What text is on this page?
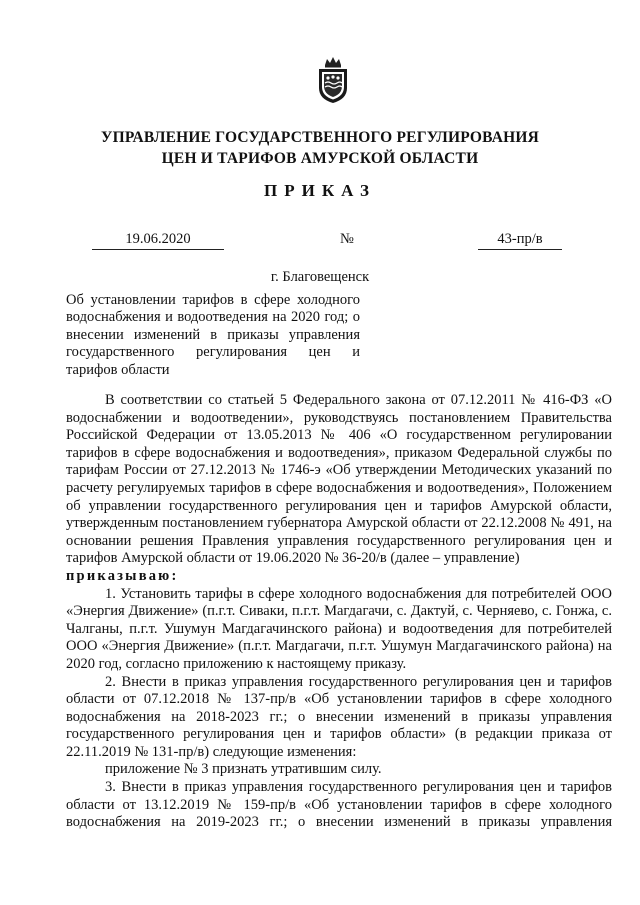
УПРАВЛЕНИЕ ГОСУДАРСТВЕННОГО РЕГУЛИРОВАНИЯ
ЦЕН И ТАРИФОВ АМУРСКОЙ ОБЛАСТИ
ПРИКАЗ
19.06.2020	№	43-пр/в
г. Благовещенск
Об установлении тарифов в сфере холодного водоснабжения и водоотведения на 2020 год; о внесении изменений в приказы управления государственного регулирования цен и тарифов области

В соответствии со статьей 5 Федерального закона от 07.12.2011 № 416-ФЗ «О водоснабжении и водоотведении», руководствуясь постановлением Правительства Российской Федерации от 13.05.2013 № 406 «О государственном регулировании тарифов в сфере водоснабжения и водоотведения», приказом Федеральной службы по тарифам России от 27.12.2013 № 1746-э «Об утверждении Методических указаний по расчету регулируемых тарифов в сфере водоснабжения и водоотведения», Положением об управлении государственного регулирования цен и тарифов Амурской области, утвержденным постановлением губернатора Амурской области от 22.12.2008 № 491, на основании решения Правления управления государственного регулирования цен и тарифов Амурской области от 19.06.2020 № 36-20/в (далее – управление)

приказываю:

1. Установить тарифы в сфере холодного водоснабжения для потребителей ООО «Энергия Движение» (п.г.т. Сиваки, п.г.т. Магдагачи, с. Дактуй, с. Черняево, с. Гонжа, с. Чалганы, п.г.т. Ушумун Магдагачинского района) и водоотведения для потребителей ООО «Энергия Движение» (п.г.т. Магдагачи, п.г.т. Ушумун Магдагачинского района) на 2020 год, согласно приложению к настоящему приказу.

2. Внести в приказ управления государственного регулирования цен и тарифов области от 07.12.2018 № 137-пр/в «Об установлении тарифов в сфере холодного водоснабжения на 2018-2023 гг.; о внесении изменений в приказы управления государственного регулирования цен и тарифов области» (в редакции приказа от 22.11.2019 № 131-пр/в) следующие изменения:

приложение № 3 признать утратившим силу.

3. Внести в приказ управления государственного регулирования цен и тарифов области от 13.12.2019 № 159-пр/в «Об установлении тарифов в сфере холодного водоснабжения на 2019-2023 гг.; о внесении изменений в приказы управления
